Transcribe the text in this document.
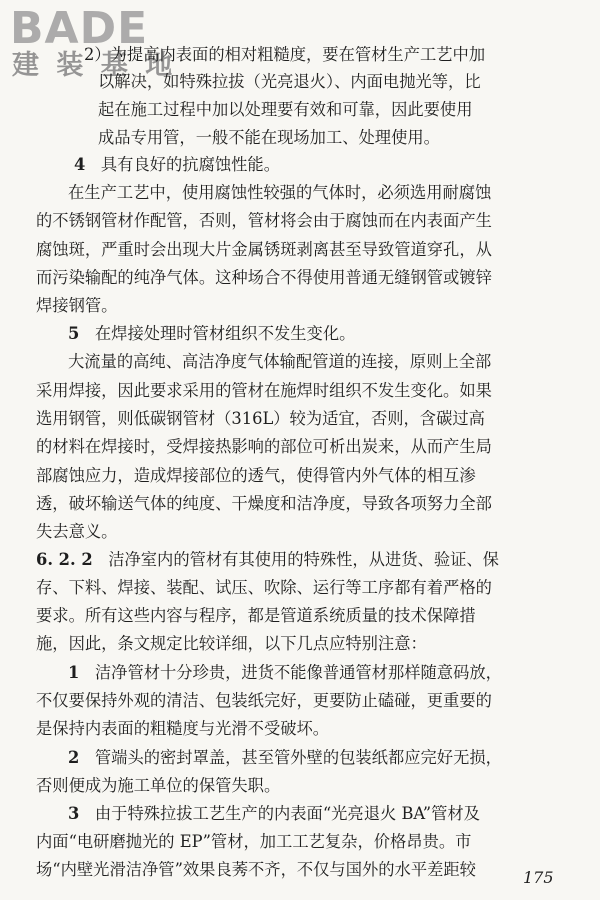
BADE
建 装 基 地
2）为提高内表面的相对粗糙度，要在管材生产工艺中加
以解决，如特殊拉拔（光亮退火）、内面电抛光等，比
起在施工过程中加以处理要有效和可靠，因此要使用
成品专用管，一般不能在现场加工、处理使用。
4 具有良好的抗腐蚀性能。
在生产工艺中，使用腐蚀性较强的气体时，必须选用耐腐蚀
的不锈钢管材作配管，否则，管材将会由于腐蚀而在内表面产生
腐蚀斑，严重时会出现大片金属锈斑剥离甚至导致管道穿孔，从
而污染输配的纯净气体。这种场合不得使用普通无缝钢管或镀锌
焊接钢管。
5 在焊接处理时管材组织不发生变化。
大流量的高纯、高洁净度气体输配管道的连接，原则上全部
采用焊接，因此要求采用的管材在施焊时组织不发生变化。如果
选用钢管，则低碳钢管材（316L）较为适宜，否则，含碳过高
的材料在焊接时，受焊接热影响的部位可析出炭来，从而产生局
部腐蚀应力，造成焊接部位的透气，使得管内外气体的相互渗
透，破坏输送气体的纯度、干燥度和洁净度，导致各项努力全部
失去意义。
6. 2. 2 洁净室内的管材有其使用的特殊性，从进货、验证、保
存、下料、焊接、装配、试压、吹除、运行等工序都有着严格的
要求。所有这些内容与程序，都是管道系统质量的技术保障措
施，因此，条文规定比较详细，以下几点应特别注意：
1 洁净管材十分珍贵，进货不能像普通管材那样随意码放，
不仅要保持外观的清洁、包装纸完好，更要防止磕碰，更重要的
是保持内表面的粗糙度与光滑不受破坏。
2 管端头的密封罩盖，甚至管外壁的包装纸都应完好无损，
否则便成为施工单位的保管失职。
3 由于特殊拉拔工艺生产的内表面“光亮退火 BA”管材及
内面“电研磨抛光的 EP”管材，加工工艺复杂，价格昂贵。市
场“内壁光滑洁净管”效果良莠不齐，不仅与国外的水平差距较	175
